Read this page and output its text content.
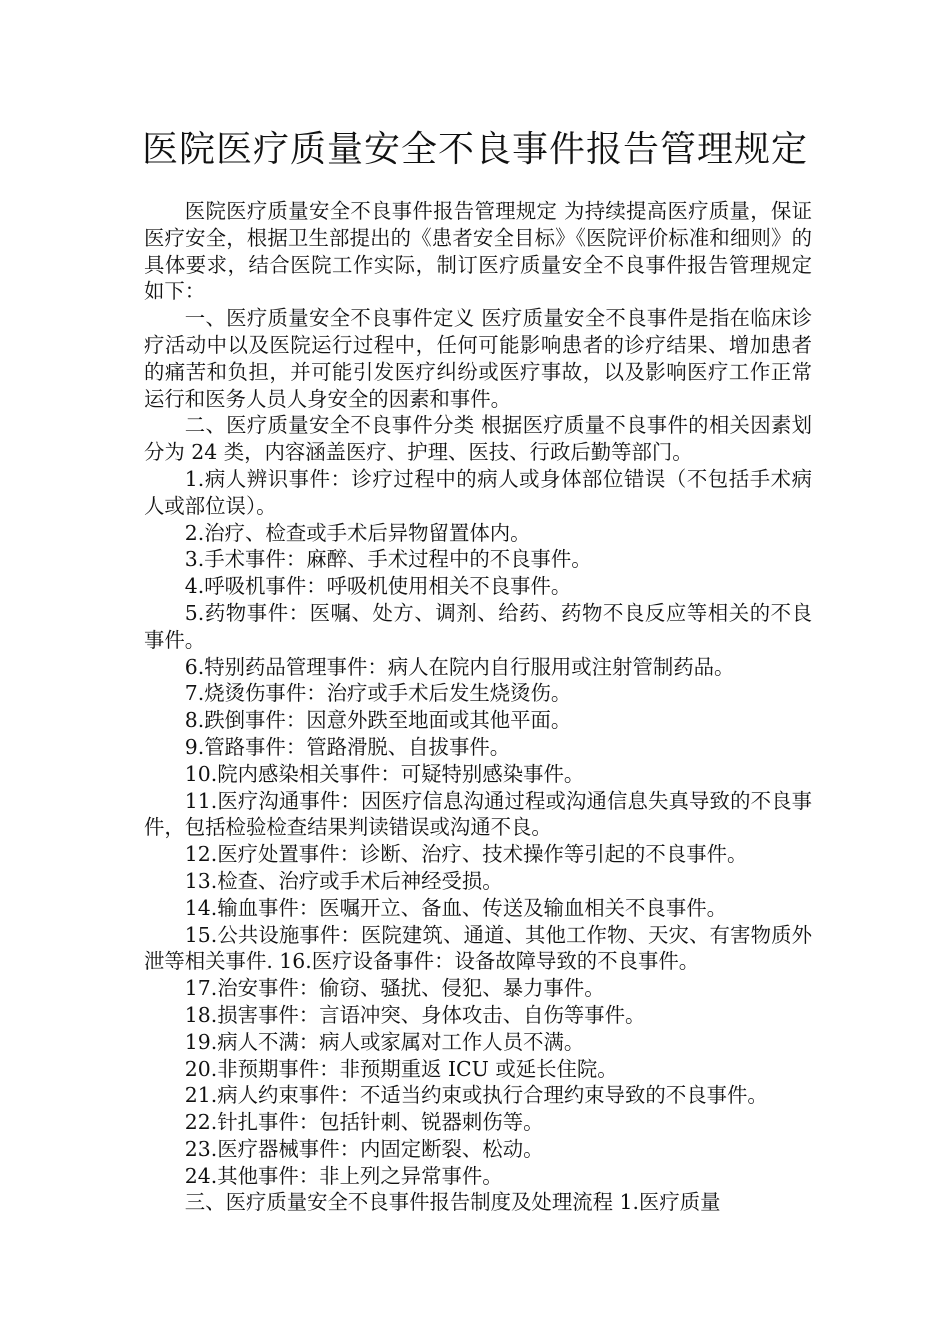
医院医疗质量安全不良事件报告管理规定

医院医疗质量安全不良事件报告管理规定 为持续提高医疗质量，保证医疗安全，根据卫生部提出的《患者安全目标》《医院评价标准和细则》的具体要求，结合医院工作实际，制订医疗质量安全不良事件报告管理规定如下：

一、医疗质量安全不良事件定义 医疗质量安全不良事件是指在临床诊疗活动中以及医院运行过程中，任何可能影响患者的诊疗结果、增加患者的痛苦和负担，并可能引发医疗纠纷或医疗事故，以及影响医疗工作正常运行和医务人员人身安全的因素和事件。

二、医疗质量安全不良事件分类 根据医疗质量不良事件的相关因素划分为 24 类，内容涵盖医疗、护理、医技、行政后勤等部门。

1.病人辨识事件：诊疗过程中的病人或身体部位错误（不包括手术病人或部位误）。

2.治疗、检查或手术后异物留置体内。

3.手术事件：麻醉、手术过程中的不良事件。

4.呼吸机事件：呼吸机使用相关不良事件。

5.药物事件：医嘱、处方、调剂、给药、药物不良反应等相关的不良事件。

6.特别药品管理事件：病人在院内自行服用或注射管制药品。

7.烧烫伤事件：治疗或手术后发生烧烫伤。

8.跌倒事件：因意外跌至地面或其他平面。

9.管路事件：管路滑脱、自拔事件。

10.院内感染相关事件：可疑特别感染事件。

11.医疗沟通事件：因医疗信息沟通过程或沟通信息失真导致的不良事件，包括检验检查结果判读错误或沟通不良。

12.医疗处置事件：诊断、治疗、技术操作等引起的不良事件。

13.检查、治疗或手术后神经受损。

14.输血事件：医嘱开立、备血、传送及输血相关不良事件。

15.公共设施事件：医院建筑、通道、其他工作物、天灾、有害物质外泄等相关事件. 16.医疗设备事件：设备故障导致的不良事件。

17.治安事件：偷窃、骚扰、侵犯、暴力事件。

18.损害事件：言语冲突、身体攻击、自伤等事件。

19.病人不满：病人或家属对工作人员不满。

20.非预期事件：非预期重返 ICU 或延长住院。

21.病人约束事件：不适当约束或执行合理约束导致的不良事件。

22.针扎事件：包括针刺、锐器刺伤等。

23.医疗器械事件：内固定断裂、松动。

24.其他事件：非上列之异常事件。

三、医疗质量安全不良事件报告制度及处理流程 1.医疗质量
